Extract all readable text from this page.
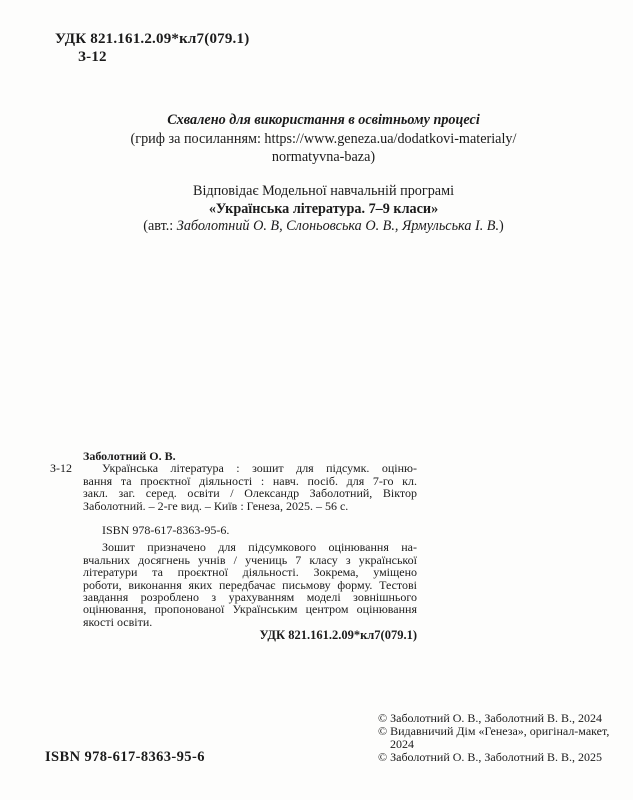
УДК 821.161.2.09*кл7(079.1)
З-12
Схвалено для використання в освітньому процесі
(гриф за посиланням: https://www.geneza.ua/dodatkovi-materialy/
normatyvna-baza)
Відповідає Модельної навчальній програмі
«Українська література. 7–9 класи»
(авт.: Заболотний О. В, Слоньовська О. В., Ярмульська І. В.)
Заболотний О. В.
З-12	Українська література : зошит для підсумк. оціню-
вання та проєктної діяльності : навч. посіб. для 7-го кл.
закл. заг. серед. освіти / Олександр Заболотний, Віктор
Заболотний. – 2-ге вид. – Київ : Генеза, 2025. – 56 с.
ISBN 978-617-8363-95-6.
Зошит призначено для підсумкового оцінювання на-
вчальних досягнень учнів / учениць 7 класу з української
літератури та проєктної діяльності. Зокрема, уміщено
роботи, виконання яких передбачає письмову форму. Тестові
завдання розроблено з урахуванням моделі зовнішнього
оцінювання, пропонованої Українським центром оцінювання
якості освіти.
УДК 821.161.2.09*кл7(079.1)
© Заболотний О. В., Заболотний В. В., 2024
© Видавничий Дім «Генеза», оригінал-макет, 2024
© Заболотний О. В., Заболотний В. В., 2025
ISBN 978-617-8363-95-6
